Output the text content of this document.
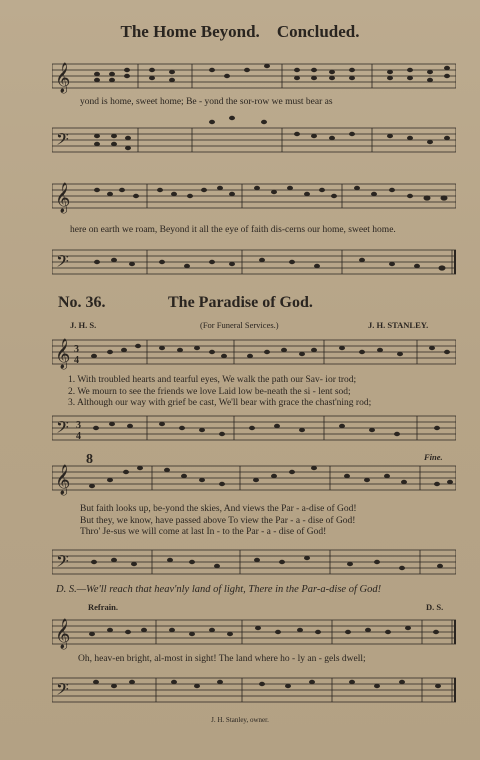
The Home Beyond. Concluded.
𝄞
yond is home, sweet home; Be - yond the sor-row we must bear as
𝄢
𝄞
here on earth we roam, Beyond it all the eye of faith dis-cerns our home, sweet home.
𝄢
No. 36.	The Paradise of God.
J. H. S.	(For Funeral Services.)	J. H. STANLEY.
𝄞 3
4
1. With troubled hearts and tearful eyes, We walk the path our Sav- ior trod;
2. We mourn to see the friends we love Laid low be-neath the si - lent sod;
3. Although our way with grief be cast, We'll bear with grace the chast'ning rod;
𝄢 3
4
8	Fine.
𝄞
But faith looks up, be-yond the skies, And views the Par - a-dise of God!
But they, we know, have passed above To view the Par - a - dise of God!
Thro' Je-sus we will come at last In - to the Par - a - dise of God!
𝄢
D. S.—We'll reach that heav'nly land of light, There in the Par-a-dise of God!
Refrain.	D. S.
𝄞
Oh, heav-en bright, al-most in sight! The land where ho - ly an - gels dwell;
𝄢
J. H. Stanley, owner.
